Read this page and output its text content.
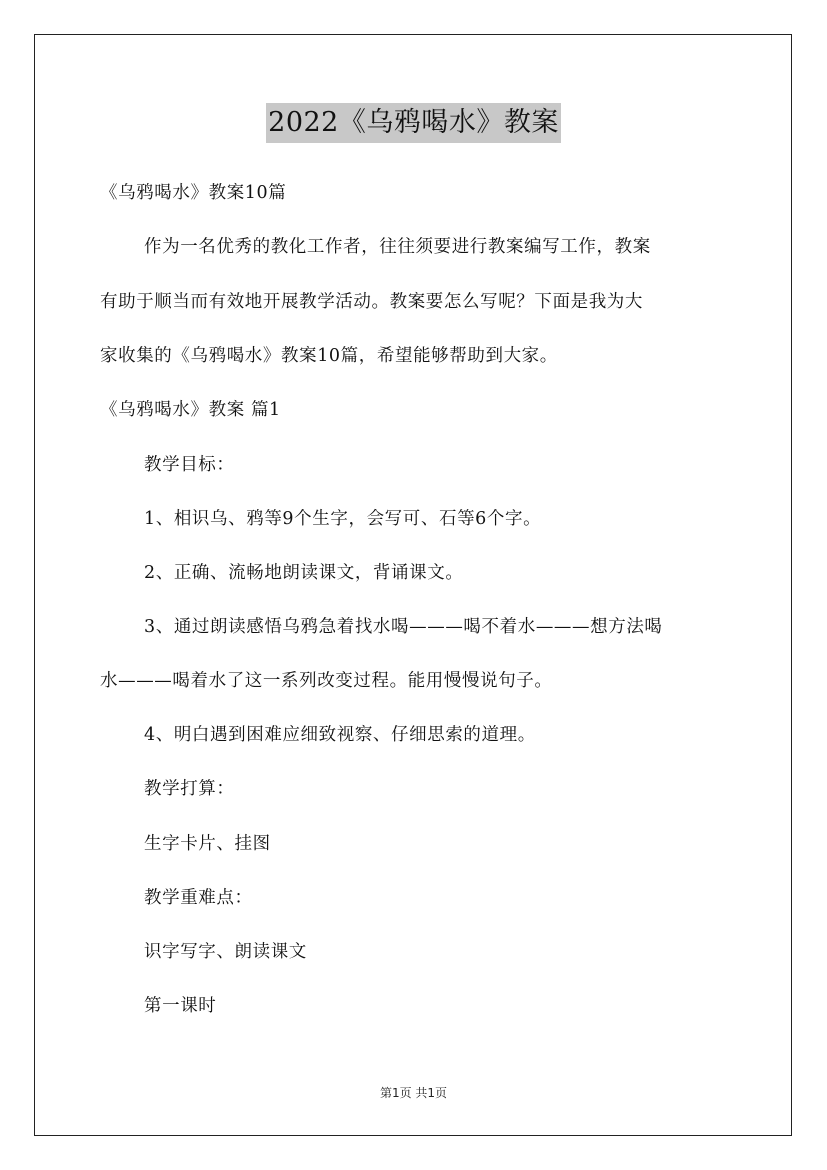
2022《乌鸦喝水》教案
《乌鸦喝水》教案10篇
作为一名优秀的教化工作者，往往须要进行教案编写工作，教案
有助于顺当而有效地开展教学活动。教案要怎么写呢？下面是我为大
家收集的《乌鸦喝水》教案10篇，希望能够帮助到大家。
《乌鸦喝水》教案 篇1
教学目标：
1、相识乌、鸦等9个生字，会写可、石等6个字。
2、正确、流畅地朗读课文，背诵课文。
3、通过朗读感悟乌鸦急着找水喝———喝不着水———想方法喝
水———喝着水了这一系列改变过程。能用慢慢说句子。
4、明白遇到困难应细致视察、仔细思索的道理。
教学打算：
生字卡片、挂图
教学重难点：
识字写字、朗读课文
第一课时
第1页 共1页
